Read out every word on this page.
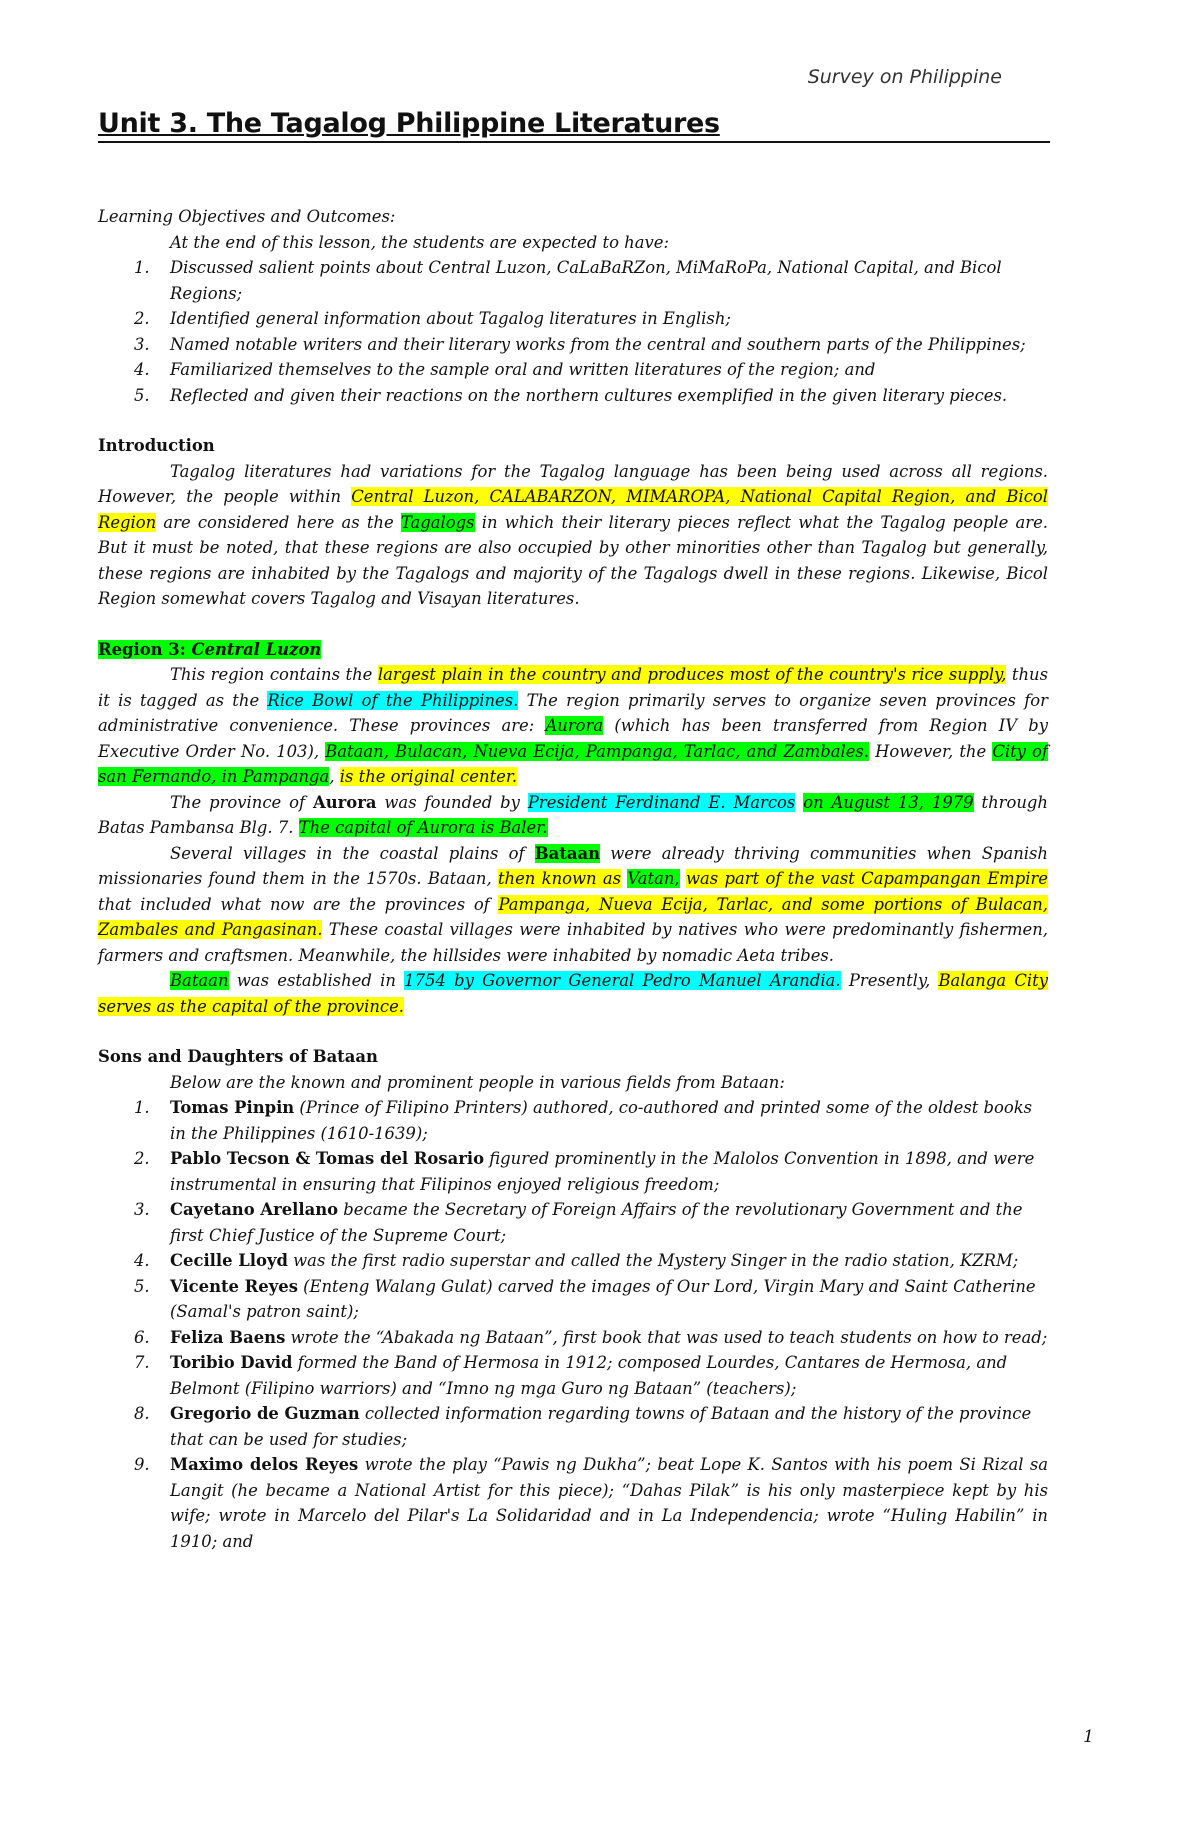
Survey on Philippine
Unit 3. The Tagalog Philippine Literatures

Learning Objectives and Outcomes:

At the end of this lesson, the students are expected to have:

1. Discussed salient points about Central Luzon, CaLaBaRZon, MiMaRoPa, National Capital, and Bicol Regions;
2. Identified general information about Tagalog literatures in English;
3. Named notable writers and their literary works from the central and southern parts of the Philippines;
4. Familiarized themselves to the sample oral and written literatures of the region; and
5. Reflected and given their reactions on the northern cultures exemplified in the given literary pieces.

Introduction

Tagalog literatures had variations for the Tagalog language has been being used across all regions. However, the people within Central Luzon, CALABARZON, MIMAROPA, National Capital Region, and Bicol Region are considered here as the Tagalogs in which their literary pieces reflect what the Tagalog people are. But it must be noted, that these regions are also occupied by other minorities other than Tagalog but generally, these regions are inhabited by the Tagalogs and majority of the Tagalogs dwell in these regions. Likewise, Bicol Region somewhat covers Tagalog and Visayan literatures.

Region 3: Central Luzon

This region contains the largest plain in the country and produces most of the country's rice supply, thus it is tagged as the Rice Bowl of the Philippines. The region primarily serves to organize seven provinces for administrative convenience. These provinces are: Aurora (which has been transferred from Region IV by Executive Order No. 103), Bataan, Bulacan, Nueva Ecija, Pampanga, Tarlac, and Zambales. However, the City of san Fernando, in Pampanga, is the original center.

The province of Aurora was founded by President Ferdinand E. Marcos on August 13, 1979 through Batas Pambansa Blg. 7. The capital of Aurora is Baler.

Several villages in the coastal plains of Bataan were already thriving communities when Spanish missionaries found them in the 1570s. Bataan, then known as Vatan, was part of the vast Capampangan Empire that included what now are the provinces of Pampanga, Nueva Ecija, Tarlac, and some portions of Bulacan, Zambales and Pangasinan. These coastal villages were inhabited by natives who were predominantly fishermen, farmers and craftsmen. Meanwhile, the hillsides were inhabited by nomadic Aeta tribes.

Bataan was established in 1754 by Governor General Pedro Manuel Arandia. Presently, Balanga City serves as the capital of the province.

Sons and Daughters of Bataan

Below are the known and prominent people in various fields from Bataan:

1. Tomas Pinpin (Prince of Filipino Printers) authored, co-authored and printed some of the oldest books in the Philippines (1610-1639);
2. Pablo Tecson & Tomas del Rosario figured prominently in the Malolos Convention in 1898, and were instrumental in ensuring that Filipinos enjoyed religious freedom;
3. Cayetano Arellano became the Secretary of Foreign Affairs of the revolutionary Government and the first Chief Justice of the Supreme Court;
4. Cecille Lloyd was the first radio superstar and called the Mystery Singer in the radio station, KZRM;
5. Vicente Reyes (Enteng Walang Gulat) carved the images of Our Lord, Virgin Mary and Saint Catherine (Samal's patron saint);
6. Feliza Baens wrote the “Abakada ng Bataan”, first book that was used to teach students on how to read;
7. Toribio David formed the Band of Hermosa in 1912; composed Lourdes, Cantares de Hermosa, and Belmont (Filipino warriors) and “Imno ng mga Guro ng Bataan” (teachers);
8. Gregorio de Guzman collected information regarding towns of Bataan and the history of the province that can be used for studies;
9. Maximo delos Reyes wrote the play “Pawis ng Dukha”; beat Lope K. Santos with his poem Si Rizal sa Langit (he became a National Artist for this piece); “Dahas Pilak” is his only masterpiece kept by his wife; wrote in Marcelo del Pilar's La Solidaridad and in La Independencia; wrote “Huling Habilin” in 1910; and
1
